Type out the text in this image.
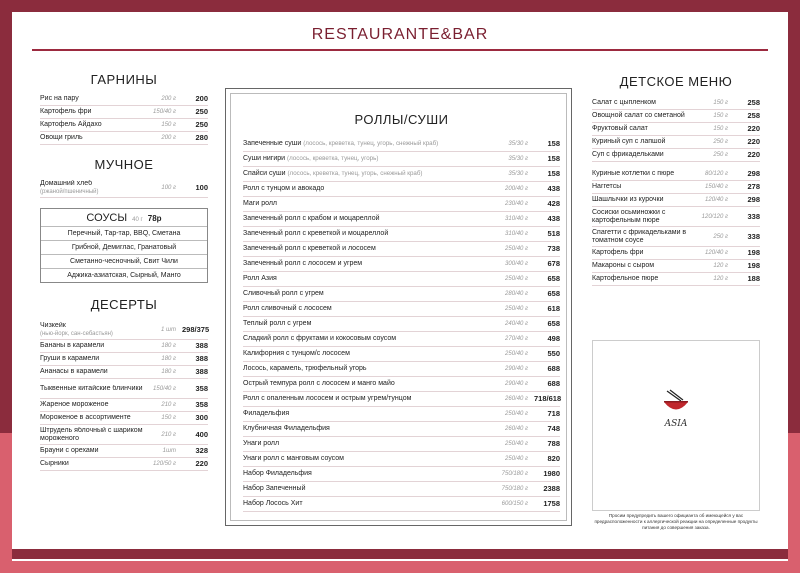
RESTAURANTE&BAR
ГАРНИНЫ
Рис на пару	200 г	200
Картофель фри	150/40 г	250
Картофель Айдахо	150 г	250
Овощи гриль	200 г	280
МУЧНОЕ
Домашний хлеб
(ржаной/пшеничный)
100 г	100
СОУСЫ 40 г 78р
Перечный, Тар-тар, BBQ, Сметана
Грибной, Демиглас, Гранатовый
Сметанно-чесночный, Свит Чили
Аджика-азиатская, Сырный, Манго
ДЕСЕРТЫ
Чизкейк
(нью-йорк, сан-себастьян)
1 шт 298/375
Бананы в карамели	180 г	388
Груши в карамели	180 г	388
Ананасы в карамели	180 г	388
Тыквенные китайские блинчики	150/40 г	358
Жареное мороженое	210 г	358
Мороженое в ассортименте	150 г	300
Штрудель яблочный с шариком мороженого	210 г	400
Брауни с орехами	1шт	328
Сырники	120/50 г	220
РОЛЛЫ/СУШИ
Запеченные суши (лосось, креветка, тунец, угорь, снежный краб)	35/30 г	158
Суши нигири (лосось, креветка, тунец, угорь)	35/30 г	158
Спайси суши (лосось, креветка, тунец, угорь, снежный краб)	35/30 г	158
Ролл с тунцом и авокадо	200/40 г	438
Маги ролл	230/40 г	428
Запеченный ролл с крабом и моцареллой	310/40 г	438
Запеченный ролл с креветкой и моцареллой	310/40 г	518
Запеченный ролл с креветкой и лососем	250/40 г	738
Запеченный ролл с лососем и угрем	300/40 г	678
Ролл Азия	250/40 г	658
Сливочный ролл с угрем	280/40 г	658
Ролл сливочный с лососем	250/40 г	618
Теплый ролл с угрем	240/40 г	658
Сладкий ролл с фруктами и кокосовым соусом	270/40 г	498
Калифорния с тунцом/с лососем	250/40 г	550
Лосось, карамель, трюфельный угорь	290/40 г	688
Острый темпура ролл с лососем и манго майо	290/40 г	688
Ролл с опаленным лососем и острым угрем/тунцом	260/40 г 718/618
Филадельфия	250/40 г	718
Клубничная Филадельфия	260/40 г	748
Унаги ролл	250/40 г	788
Унаги ролл с манговым соусом	250/40 г	820
Набор Филадельфия	750/180 г	1980
Набор Запеченный	750/180 г	2388
Набор Лосось Хит	600/150 г	1758
ДЕТСКОЕ МЕНЮ
Салат с цыпленком	150 г	258
Овощной салат со сметаной	150 г	258
Фруктовый салат	150 г	220
Куриный суп с лапшой	250 г	220
Суп с фрикадельками	250 г	220
Куриные котлетки с пюре	80/120 г	298
Наггетсы	150/40 г	278
Шашлычки из курочки	120/40 г	298
Сосиски осьминожки с картофельным пюре	120/120 г	338
Спагетти с фрикадельками в томатном соусе	250 г	338
Картофель фри	120/40 г	198
Макароны с сыром	120 г	198
Картофельное пюре	120 г	188
ASIA
Просим предупредить вашего официанта об имеющейся у вас предрасположенности к аллергической реакции на определенные продукты питания до совершения заказа.
